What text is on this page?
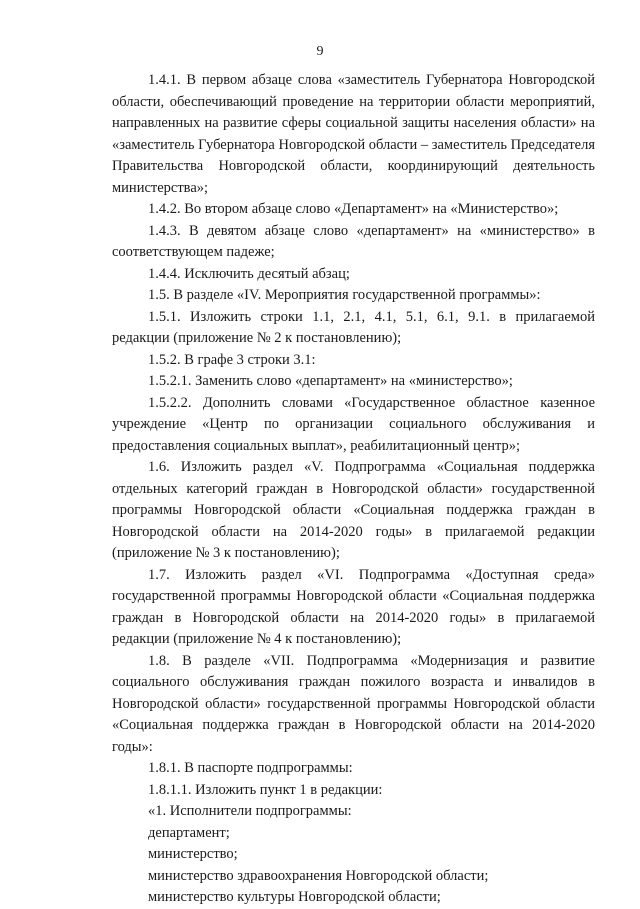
9

1.4.1. В первом абзаце слова «заместитель Губернатора Новгородской области, обеспечивающий проведение на территории области мероприятий, направленных на развитие сферы социальной защиты населения области» на «заместитель Губернатора Новгородской области – заместитель Председателя Правительства Новгородской области, координирующий деятельность министерства»;

1.4.2. Во втором абзаце слово «Департамент» на «Министерство»;

1.4.3. В девятом абзаце слово «департамент» на «министерство» в соответствующем падеже;

1.4.4. Исключить десятый абзац;

1.5. В разделе «IV. Мероприятия государственной программы»:

1.5.1. Изложить строки 1.1, 2.1, 4.1, 5.1, 6.1, 9.1. в прилагаемой редакции (приложение № 2 к постановлению);

1.5.2. В графе 3 строки 3.1:

1.5.2.1. Заменить слово «департамент» на «министерство»;

1.5.2.2. Дополнить словами «Государственное областное казенное учреждение «Центр по организации социального обслуживания и предоставления социальных выплат», реабилитационный центр»;

1.6. Изложить раздел «V. Подпрограмма «Социальная поддержка отдельных категорий граждан в Новгородской области» государственной программы Новгородской области «Социальная поддержка граждан в Новгородской области на 2014-2020 годы» в прилагаемой редакции (приложение № 3 к постановлению);

1.7. Изложить раздел «VI. Подпрограмма «Доступная среда» государственной программы Новгородской области «Социальная поддержка граждан в Новгородской области на 2014-2020 годы» в прилагаемой редакции (приложение № 4 к постановлению);

1.8. В разделе «VII. Подпрограмма «Модернизация и развитие социального обслуживания граждан пожилого возраста и инвалидов в Новгородской области» государственной программы Новгородской области «Социальная поддержка граждан в Новгородской области на 2014-2020 годы»:

1.8.1. В паспорте подпрограммы:

1.8.1.1. Изложить пункт 1 в редакции:

«1. Исполнители подпрограммы:

департамент;

министерство;

министерство здравоохранения Новгородской области;

министерство культуры Новгородской области;
